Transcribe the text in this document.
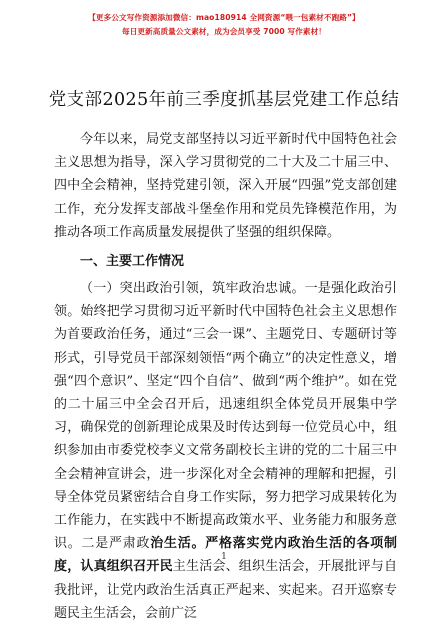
【更多公文写作资源添加微信：mao180914 全网资源“喂一包素材不跑路”】
每日更新高质量公文素材，成为会员享受 7000 写作素材！
党支部2025年前三季度抓基层党建工作总结

今年以来，局党支部坚持以习近平新时代中国特色社会主义思想为指导，深入学习贯彻党的二十大及二十届三中、四中全会精神，坚持党建引领，深入开展“四强”党支部创建工作，充分发挥支部战斗堡垒作用和党员先锋模范作用，为推动各项工作高质量发展提供了坚强的组织保障。

一、主要工作情况

（一）突出政治引领，筑牢政治忠诚。一是强化政治引领。始终把学习贯彻习近平新时代中国特色社会主义思想作为首要政治任务，通过“三会一课”、主题党日、专题研讨等形式，引导党员干部深刻领悟“两个确立”的决定性意义，增强“四个意识”、坚定“四个自信”、做到“两个维护”。如在党的二十届三中全会召开后，迅速组织全体党员开展集中学习，确保党的创新理论成果及时传达到每一位党员心中，组织参加由市委党校李义文常务副校长主讲的党的二十届三中全会精神宣讲会，进一步深化对全会精神的理解和把握，引导全体党员紧密结合自身工作实际，努力把学习成果转化为工作能力，在实践中不断提高政策水平、业务能力和服务意识。二是严肃政治生活。严格落实党内政治生活的各项制度，认真组织召开民主生活会、组织生活会，开展批评与自我批评，让党内政治生活真正严起来、实起来。召开巡察专题民主生活会，会前广泛

1
